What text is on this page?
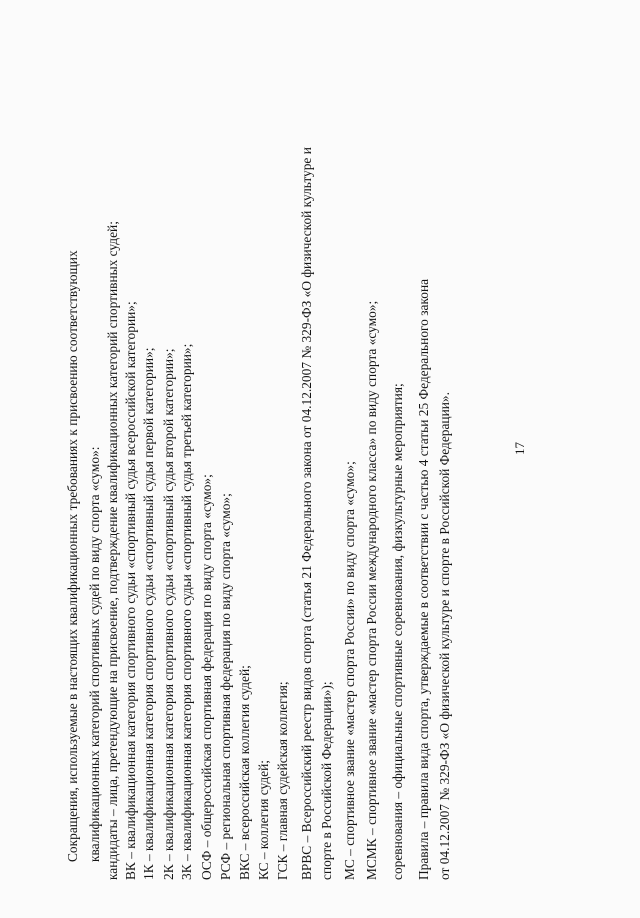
17
Сокращения, используемые в настоящих квалификационных требованиях к присвоению соответствующих квалификационных категорий спортивных судей по виду спорта «сумо»: кандидаты – лица, претендующие на присвоение, подтверждение квалификационных категорий спортивных судей; ВК – квалификационная категория спортивного судьи «спортивный судья всероссийской категории»; 1К – квалификационная категория спортивного судьи «спортивный судья первой категории»; 2К – квалификационная категория спортивного судьи «спортивный судья второй категории»; 3К – квалификационная категория спортивного судьи «спортивный судья третьей категории»; ОСФ – общероссийская спортивная федерация по виду спорта «сумо»; РСФ – региональная спортивная федерация по виду спорта «сумо»; ВКС – всероссийская коллегия судей; КС – коллегия судей; ГСК – главная судейская коллегия; ВРВС – Всероссийский реестр видов спорта (статья 21 Федерального закона от 04.12.2007 № 329-ФЗ «О физической культуре и спорте в Российской Федерации»); МС – спортивное звание «мастер спорта России» по виду спорта «сумо»; МСМК – спортивное звание «мастер спорта России международного класса» по виду спорта «сумо»; соревнования – официальные спортивные соревнования, физкультурные мероприятия; Правила – правила вида спорта, утверждаемые в соответствии с частью 4 статьи 25 Федерального закона от 04.12.2007 № 329-ФЗ «О физической культуре и спорте в Российской Федерации».
